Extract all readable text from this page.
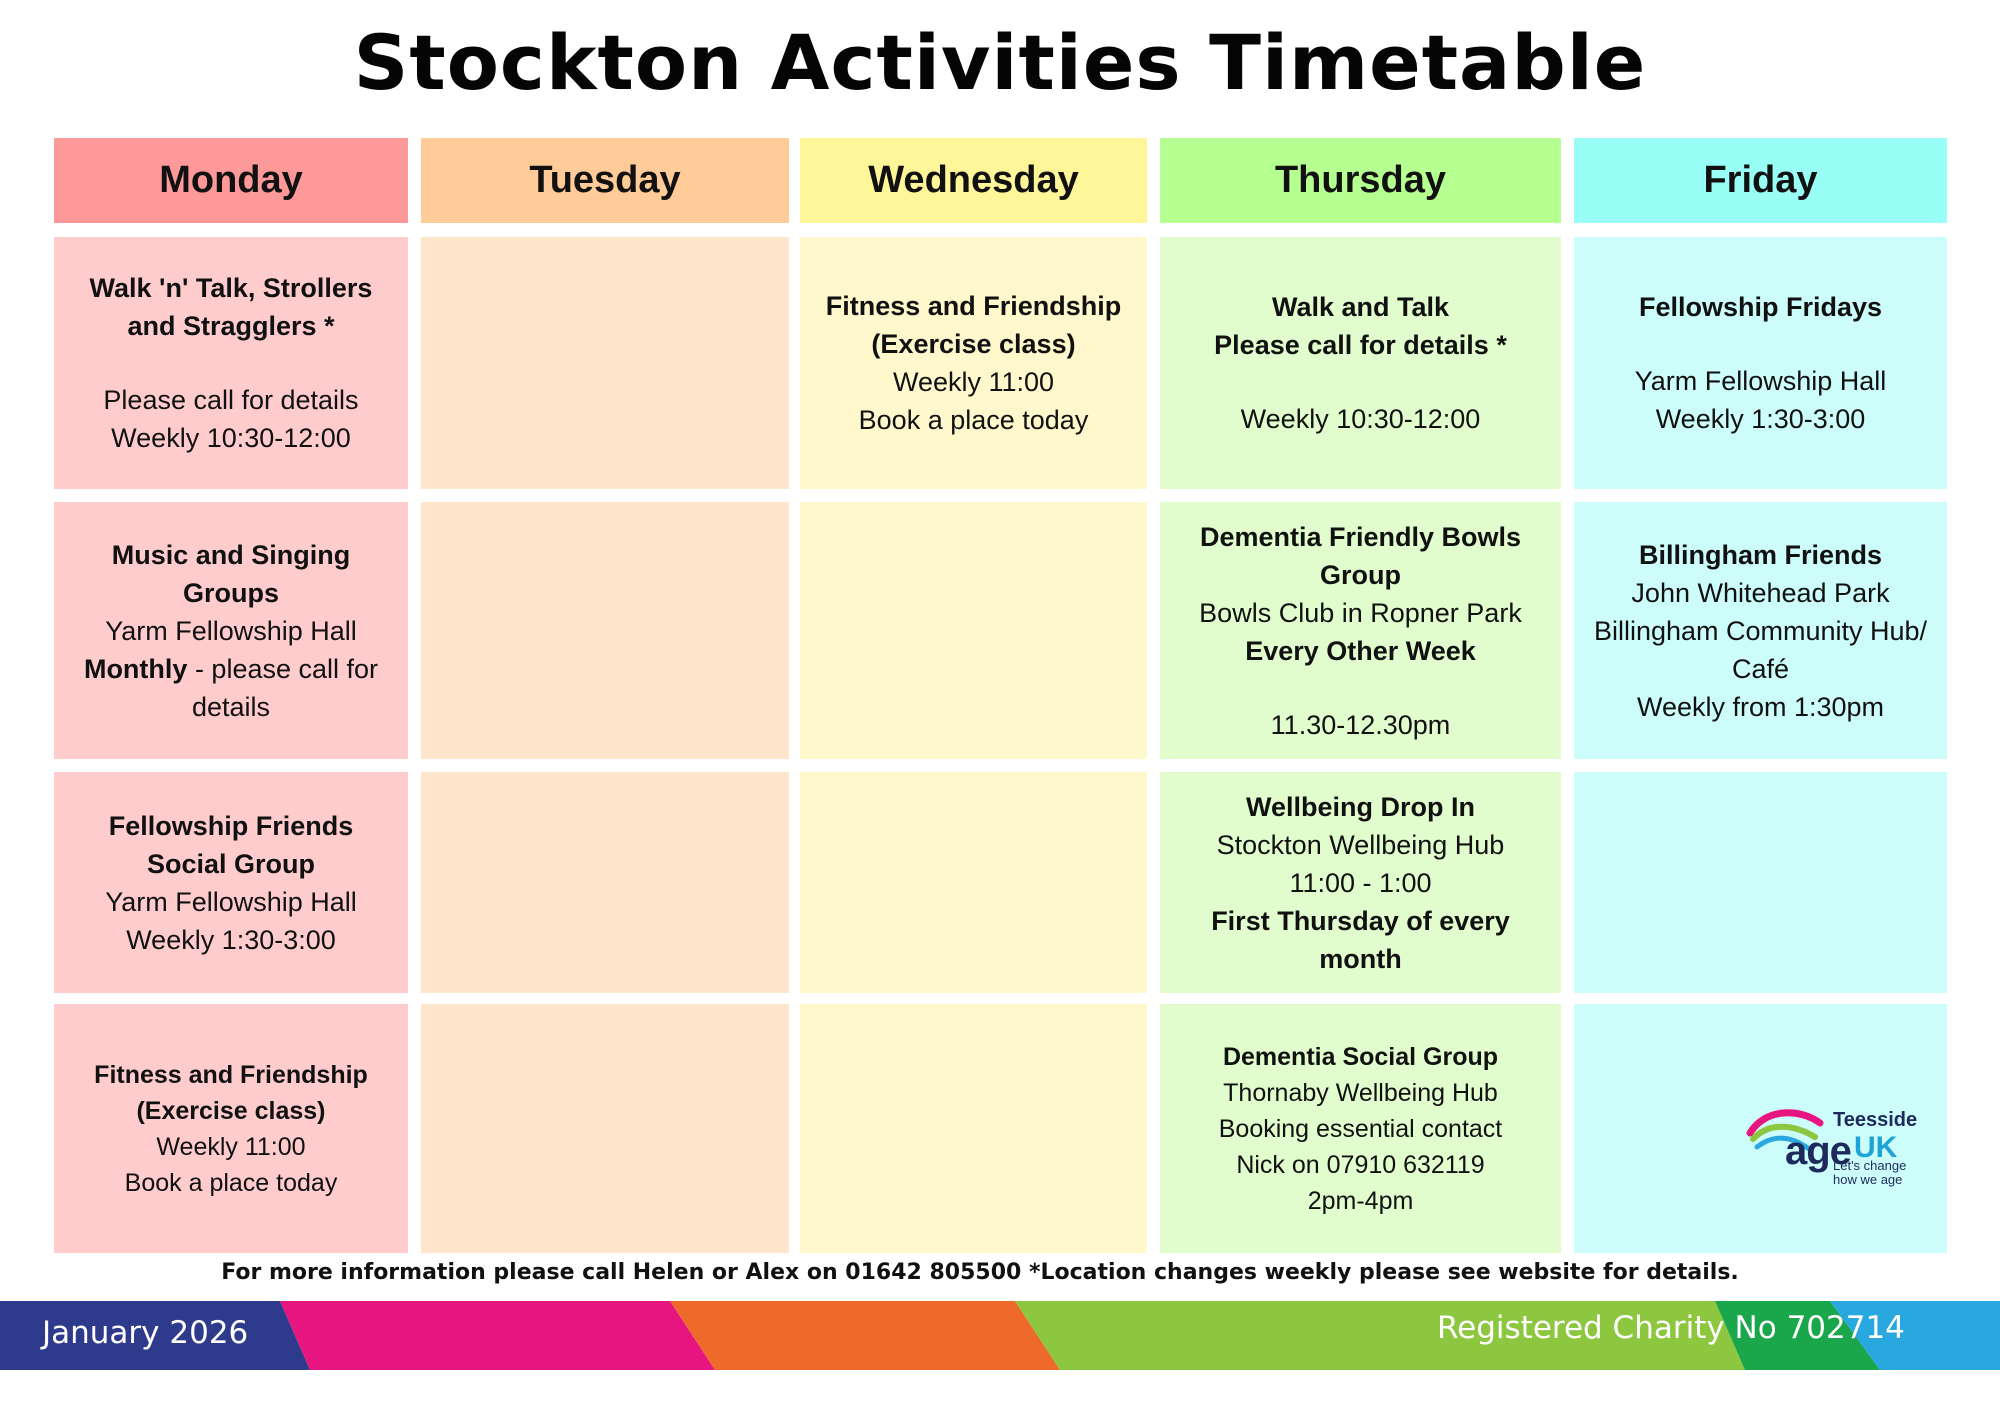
Stockton Activities Timetable
Monday
Walk 'n' Talk, Strollers
and Stragglers *
Please call for details
Weekly 10:30-12:00
Music and Singing
Groups
Yarm Fellowship Hall
Monthly - please call for
details
Fellowship Friends
Social Group
Yarm Fellowship Hall
Weekly 1:30-3:00
Fitness and Friendship
(Exercise class)
Weekly 11:00
Book a place today
Tuesday	Wednesday
Fitness and Friendship
(Exercise class)
Weekly 11:00
Book a place today
Thursday
Walk and Talk
Please call for details *
Weekly 10:30-12:00
Dementia Friendly Bowls
Group
Bowls Club in Ropner Park
Every Other Week
11.30-12.30pm
Wellbeing Drop In
Stockton Wellbeing Hub
11:00 - 1:00
First Thursday of every
month
Dementia Social Group
Thornaby Wellbeing Hub
Booking essential contact
Nick on 07910 632119
2pm-4pm
Friday
Fellowship Fridays
Yarm Fellowship Hall
Weekly 1:30-3:00
Billingham Friends
John Whitehead Park
Billingham Community Hub/
Café
Weekly from 1:30pm
Teesside
age UK
Let's change
how we age
For more information please call Helen or Alex on 01642 805500 *Location changes weekly please see website for details.
January 2026	Registered Charity No 702714
